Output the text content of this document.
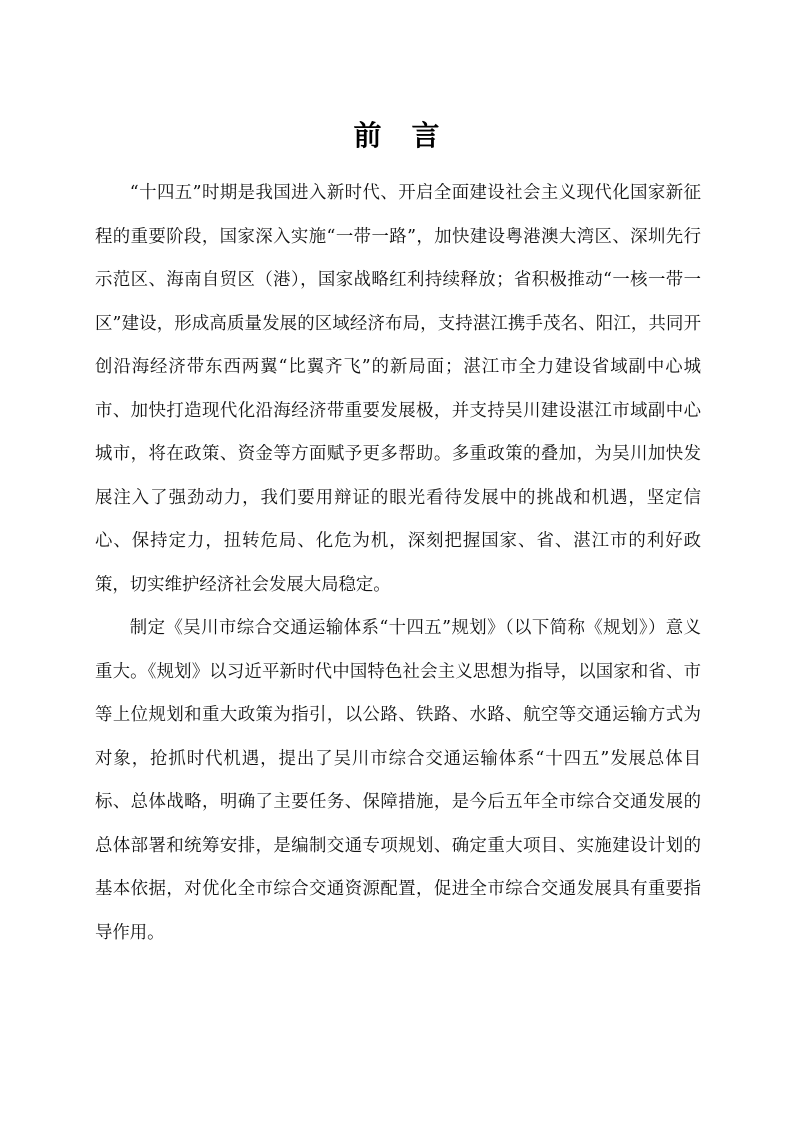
前言

“十四五”时期是我国进入新时代、开启全面建设社会主义现代化国家新征程的重要阶段，国家深入实施“一带一路”，加快建设粤港澳大湾区、深圳先行示范区、海南自贸区（港），国家战略红利持续释放；省积极推动“一核一带一区”建设，形成高质量发展的区域经济布局，支持湛江携手茂名、阳江，共同开创沿海经济带东西两翼“比翼齐飞”的新局面；湛江市全力建设省域副中心城市、加快打造现代化沿海经济带重要发展极，并支持吴川建设湛江市域副中心城市，将在政策、资金等方面赋予更多帮助。多重政策的叠加，为吴川加快发展注入了强劲动力，我们要用辩证的眼光看待发展中的挑战和机遇，坚定信心、保持定力，扭转危局、化危为机，深刻把握国家、省、湛江市的利好政策，切实维护经济社会发展大局稳定。

制定《吴川市综合交通运输体系“十四五”规划》（以下简称《规划》）意义重大。《规划》以习近平新时代中国特色社会主义思想为指导，以国家和省、市等上位规划和重大政策为指引，以公路、铁路、水路、航空等交通运输方式为对象，抢抓时代机遇，提出了吴川市综合交通运输体系“十四五”发展总体目标、总体战略，明确了主要任务、保障措施，是今后五年全市综合交通发展的总体部署和统筹安排，是编制交通专项规划、确定重大项目、实施建设计划的基本依据，对优化全市综合交通资源配置，促进全市综合交通发展具有重要指导作用。
